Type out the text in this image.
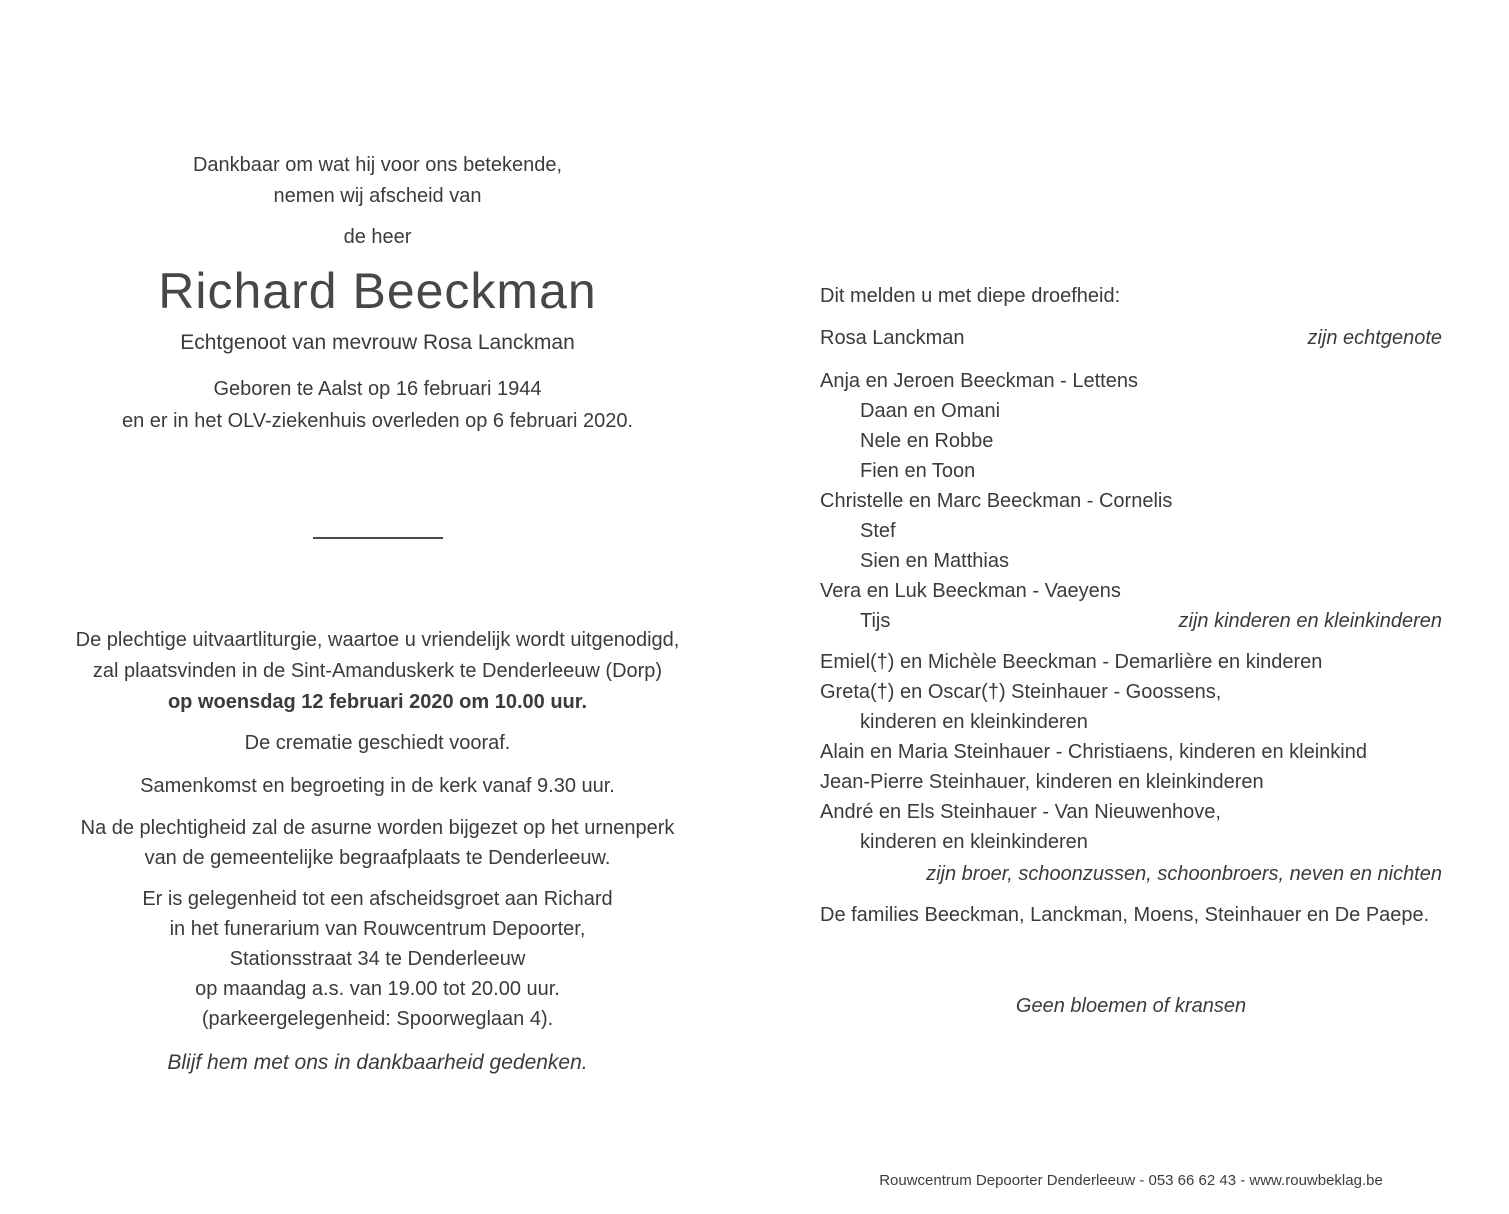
Dankbaar om wat hij voor ons betekende,
nemen wij afscheid van
de heer
Richard Beeckman
Echtgenoot van mevrouw Rosa Lanckman
Geboren te Aalst op 16 februari 1944
en er in het OLV-ziekenhuis overleden op 6 februari 2020.
De plechtige uitvaartliturgie, waartoe u vriendelijk wordt uitgenodigd,
zal plaatsvinden in de Sint-Amanduskerk te Denderleeuw (Dorp)
op woensdag 12 februari 2020 om 10.00 uur.
De crematie geschiedt vooraf.
Samenkomst en begroeting in de kerk vanaf 9.30 uur.
Na de plechtigheid zal de asurne worden bijgezet op het urnenperk
van de gemeentelijke begraafplaats te Denderleeuw.
Er is gelegenheid tot een afscheidsgroet aan Richard
in het funerarium van Rouwcentrum Depoorter,
Stationsstraat 34 te Denderleeuw
op maandag a.s. van 19.00 tot 20.00 uur.
(parkeergelegenheid: Spoorweglaan 4).
Blijf hem met ons in dankbaarheid gedenken.
Dit melden u met diepe droefheid:
Rosa Lanckman	zijn echtgenote
Anja en Jeroen Beeckman - Lettens
Daan en Omani
Nele en Robbe
Fien en Toon
Christelle en Marc Beeckman - Cornelis
Stef
Sien en Matthias
Vera en Luk Beeckman - Vaeyens
Tijs	zijn kinderen en kleinkinderen
Emiel(†) en Michèle Beeckman - Demarlière en kinderen
Greta(†) en Oscar(†) Steinhauer - Goossens,
kinderen en kleinkinderen
Alain en Maria Steinhauer - Christiaens, kinderen en kleinkind
Jean-Pierre Steinhauer, kinderen en kleinkinderen
André en Els Steinhauer - Van Nieuwenhove,
kinderen en kleinkinderen
zijn broer, schoonzussen, schoonbroers, neven en nichten
De families Beeckman, Lanckman, Moens, Steinhauer en De Paepe.
Geen bloemen of kransen
Rouwcentrum Depoorter Denderleeuw - 053 66 62 43 - www.rouwbeklag.be
